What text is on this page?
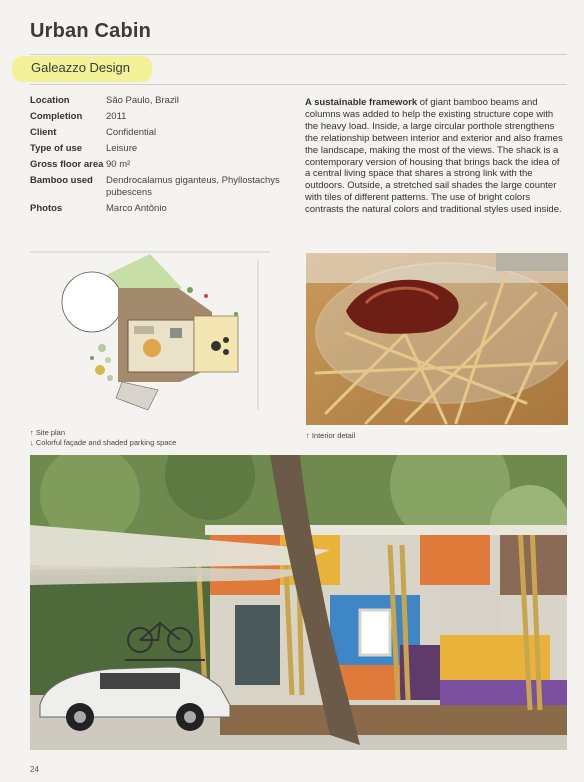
Urban Cabin
Galeazzo Design
Location	São Paulo, Brazil
Completion	2011
Client	Confidential
Type of use	Leisure
Gross floor area	90 m²
Bamboo used	Dendrocalamus giganteus, Phyllostachys pubescens
Photos	Marco Antônio
A sustainable framework of giant bamboo beams and columns was added to help the existing structure cope with the heavy load. Inside, a large circular porthole strengthens the relationship between interior and exterior and also frames the landscape, making the most of the views. The shack is a contemporary version of housing that brings back the idea of a central living space that shares a strong link with the outdoors. Outside, a stretched sail shades the large counter with tiles of different patterns. The use of bright colors contrasts the natural colors and traditional styles used inside.
↑ Site plan
↓ Colorful façade and shaded parking space
↑ Interior detail
24
